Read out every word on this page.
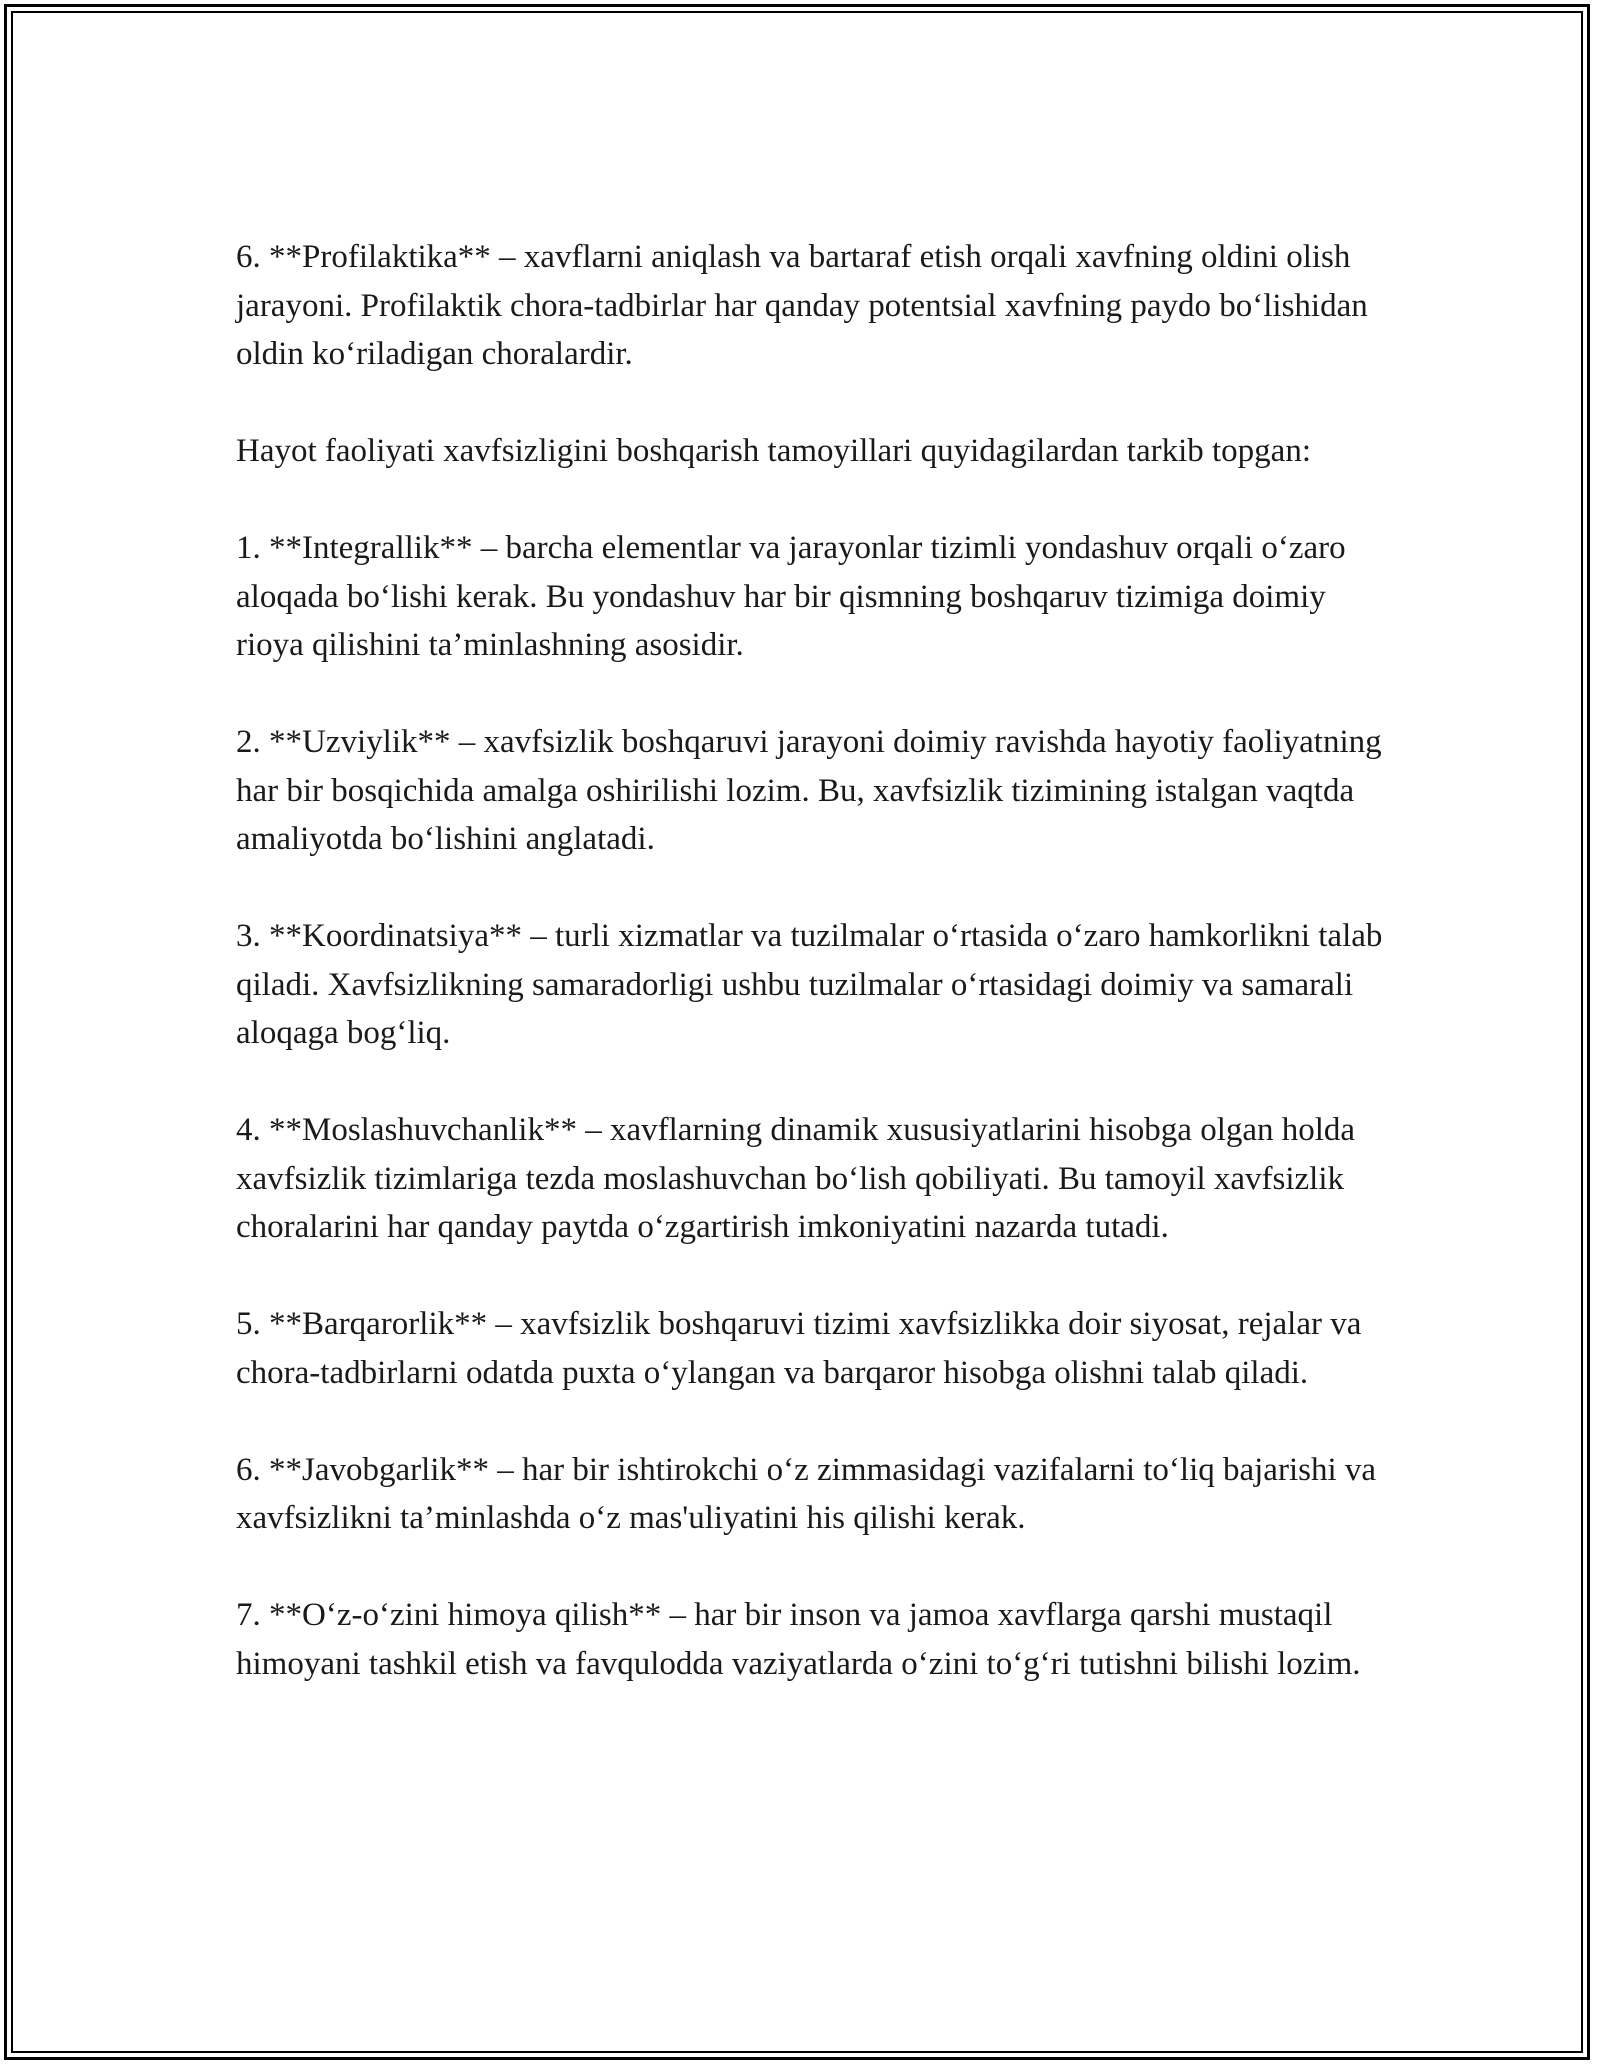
6. **Profilaktika** – xavflarni aniqlash va bartaraf etish orqali xavfning oldini olish jarayoni. Profilaktik chora-tadbirlar har qanday potentsial xavfning paydo bo‘lishidan oldin ko‘riladigan choralardir.

Hayot faoliyati xavfsizligini boshqarish tamoyillari quyidagilardan tarkib topgan:

1. **Integrallik** – barcha elementlar va jarayonlar tizimli yondashuv orqali o‘zaro aloqada bo‘lishi kerak. Bu yondashuv har bir qismning boshqaruv tizimiga doimiy rioya qilishini ta’minlashning asosidir.

2. **Uzviylik** – xavfsizlik boshqaruvi jarayoni doimiy ravishda hayotiy faoliyatning har bir bosqichida amalga oshirilishi lozim. Bu, xavfsizlik tizimining istalgan vaqtda amaliyotda bo‘lishini anglatadi.

3. **Koordinatsiya** – turli xizmatlar va tuzilmalar o‘rtasida o‘zaro hamkorlikni talab qiladi. Xavfsizlikning samaradorligi ushbu tuzilmalar o‘rtasidagi doimiy va samarali aloqaga bog‘liq.

4. **Moslashuvchanlik** – xavflarning dinamik xususiyatlarini hisobga olgan holda xavfsizlik tizimlariga tezda moslashuvchan bo‘lish qobiliyati. Bu tamoyil xavfsizlik choralarini har qanday paytda o‘zgartirish imkoniyatini nazarda tutadi.

5. **Barqarorlik** – xavfsizlik boshqaruvi tizimi xavfsizlikka doir siyosat, rejalar va chora-tadbirlarni odatda puxta o‘ylangan va barqaror hisobga olishni talab qiladi.

6. **Javobgarlik** – har bir ishtirokchi o‘z zimmasidagi vazifalarni to‘liq bajarishi va xavfsizlikni ta’minlashda o‘z mas'uliyatini his qilishi kerak.

7. **O‘z-o‘zini himoya qilish** – har bir inson va jamoa xavflarga qarshi mustaqil himoyani tashkil etish va favqulodda vaziyatlarda o‘zini to‘g‘ri tutishni bilishi lozim.
